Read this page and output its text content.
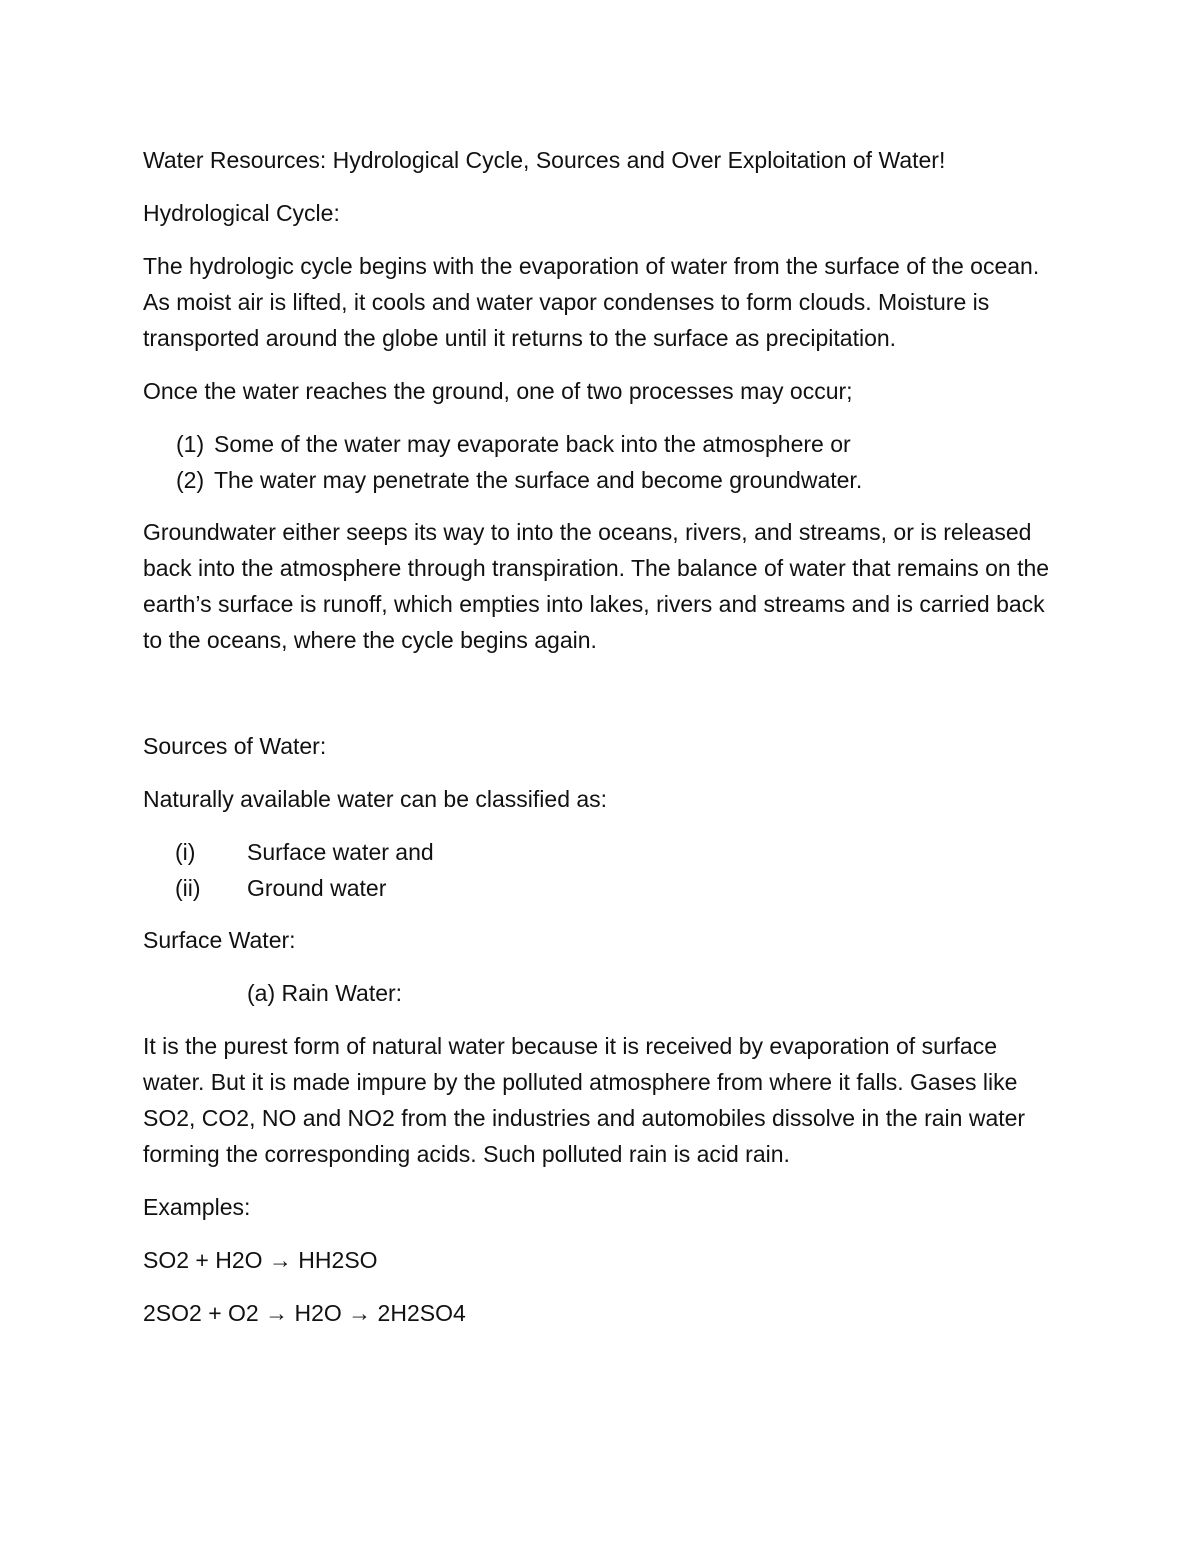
Water Resources: Hydrological Cycle, Sources and Over Exploitation of Water!

Hydrological Cycle:

The hydrologic cycle begins with the evaporation of water from the surface of the ocean. As moist air is lifted, it cools and water vapor condenses to form clouds. Moisture is transported around the globe until it returns to the surface as precipitation.

Once the water reaches the ground, one of two processes may occur;

(1) Some of the water may evaporate back into the atmosphere or
(2) The water may penetrate the surface and become groundwater.

Groundwater either seeps its way to into the oceans, rivers, and streams, or is released back into the atmosphere through transpiration. The balance of water that remains on the earth’s surface is runoff, which empties into lakes, rivers and streams and is carried back to the oceans, where the cycle begins again.

Sources of Water:

Naturally available water can be classified as:

(i)	Surface water and
(ii)	Ground water

Surface Water:

(a) Rain Water:

It is the purest form of natural water because it is received by evaporation of surface water. But it is made impure by the polluted atmosphere from where it falls. Gases like SO2, CO2, NO and NO2 from the industries and automobiles dissolve in the rain water forming the corresponding acids. Such polluted rain is acid rain.

Examples:

SO2 + H2O → HH2SO

2SO2 + O2 → H2O → 2H2SO4
